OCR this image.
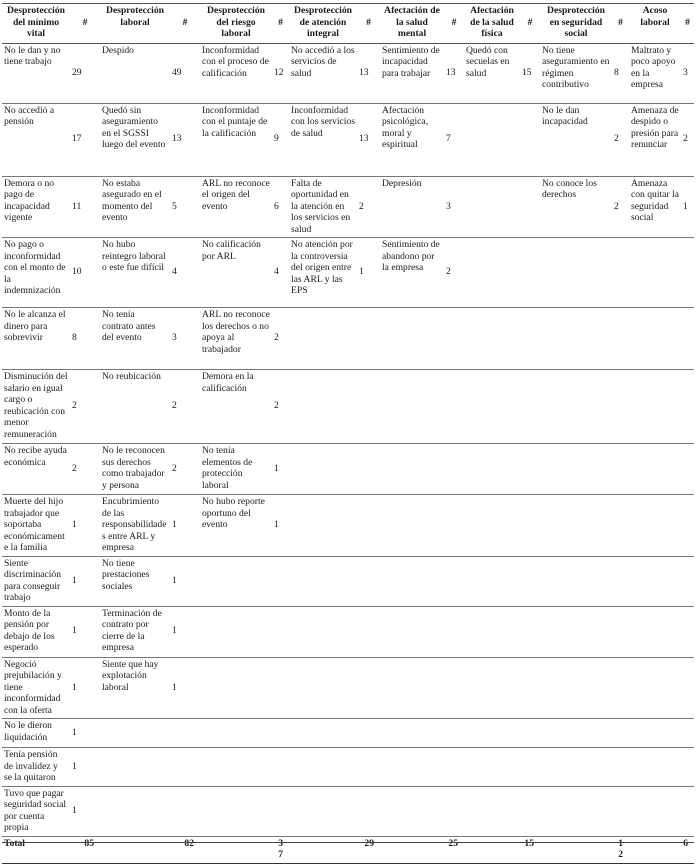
Desprotección del mínimo vital	#	Desprotección laboral	#	Desprotección del riesgo laboral	#	Desprotección de atención integral	#	Afectación de la salud mental	#	Afectación de la salud física	#	Desprotección en seguridad social	#	Acoso laboral	#
No le dan y no tiene trabajo	29	Despido	49	Inconformidad con el proceso de calificación	12	No accedió a los servicios de salud	13	Sentimiento de incapacidad para trabajar	13	Quedó con secuelas en salud	15	No tiene aseguramiento en régimen contributivo	8	Maltrato y poco apoyo en la empresa	3
No accedió a pensión	17	Quedó sin aseguramiento en el SGSSI luego del evento	13	Inconformidad con el puntaje de la calificación	9	Inconformidad con los servicios de salud	13	Afectación psicológica, moral y espiritual	7			No le dan incapacidad	2	Amenaza de despido o presión para renunciar	2
Demora o no pago de incapacidad vigente	11	No estaba asegurado en el momento del evento	5	ARL no reconoce el origen del evento	6	Falta de oportunidad en la atención en los servicios en salud	2	Depresión	3			No conoce los derechos	2	Amenaza con quitar la seguridad social	1
No pago o inconformidad con el monto de la indemnización	10	No hubo reintegro laboral o este fue difícil	4	No calificación por ARL	4	No atención por la controversia del origen entre las ARL y las EPS	1	Sentimiento de abandono por la empresa	2						
No le alcanza el dinero para sobrevivir	8	No tenía contrato antes del evento	3	ARL no reconoce los derechos o no apoya al trabajador	2										
Disminución del salario en igual cargo o reubicación con menor remuneración	2	No reubicación	2	Demora en la calificación	2										
No recibe ayuda económica	2	No le reconocen sus derechos como trabajador y persona	2	No tenía elementos de protección laboral	1										
Muerte del hijo trabajador que soportaba económicamente la familia	1	Encubrimiento de las responsabilidades entre ARL y empresa	1	No hubo reporte oportuno del evento	1										
Siente discriminación para conseguir trabajo	1	No tiene prestaciones sociales	1												
Monto de la pensión por debajo de los esperado	1	Terminación de contrato por cierre de la empresa	1												
Negoció prejubilación y tiene inconformidad con la oferta	1	Siente que hay explotación laboral	1												
No le dieron liquidación	1														
Tenía pensión de invalidez y se la quitaron	1														
Tuvo que pagar seguridad social por cuenta propia	1														
Total	85		82		37		29		25		15		12		6
